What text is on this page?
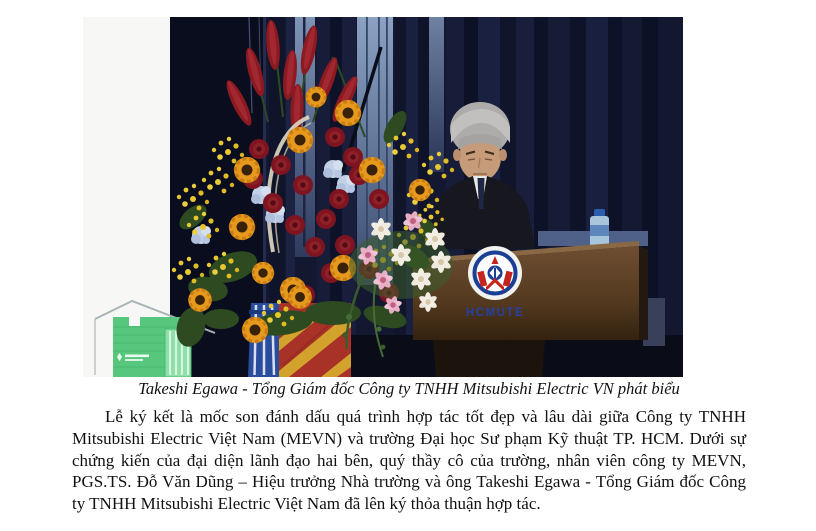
HCMUTE
Takeshi Egawa - Tổng Giám đốc Công ty TNHH Mitsubishi Electric VN phát biểu
Lễ ký kết là mốc son đánh dấu quá trình hợp tác tốt đẹp và lâu dài giữa Công ty TNHH Mitsubishi Electric Việt Nam (MEVN) và trường Đại học Sư phạm Kỹ thuật TP. HCM. Dưới sự chứng kiến của đại diện lãnh đạo hai bên, quý thầy cô của trường, nhân viên công ty MEVN, PGS.TS. Đỗ Văn Dũng – Hiệu trưởng Nhà trường và ông Takeshi Egawa - Tổng Giám đốc Công ty TNHH Mitsubishi Electric Việt Nam đã lên ký thỏa thuận hợp tác.
